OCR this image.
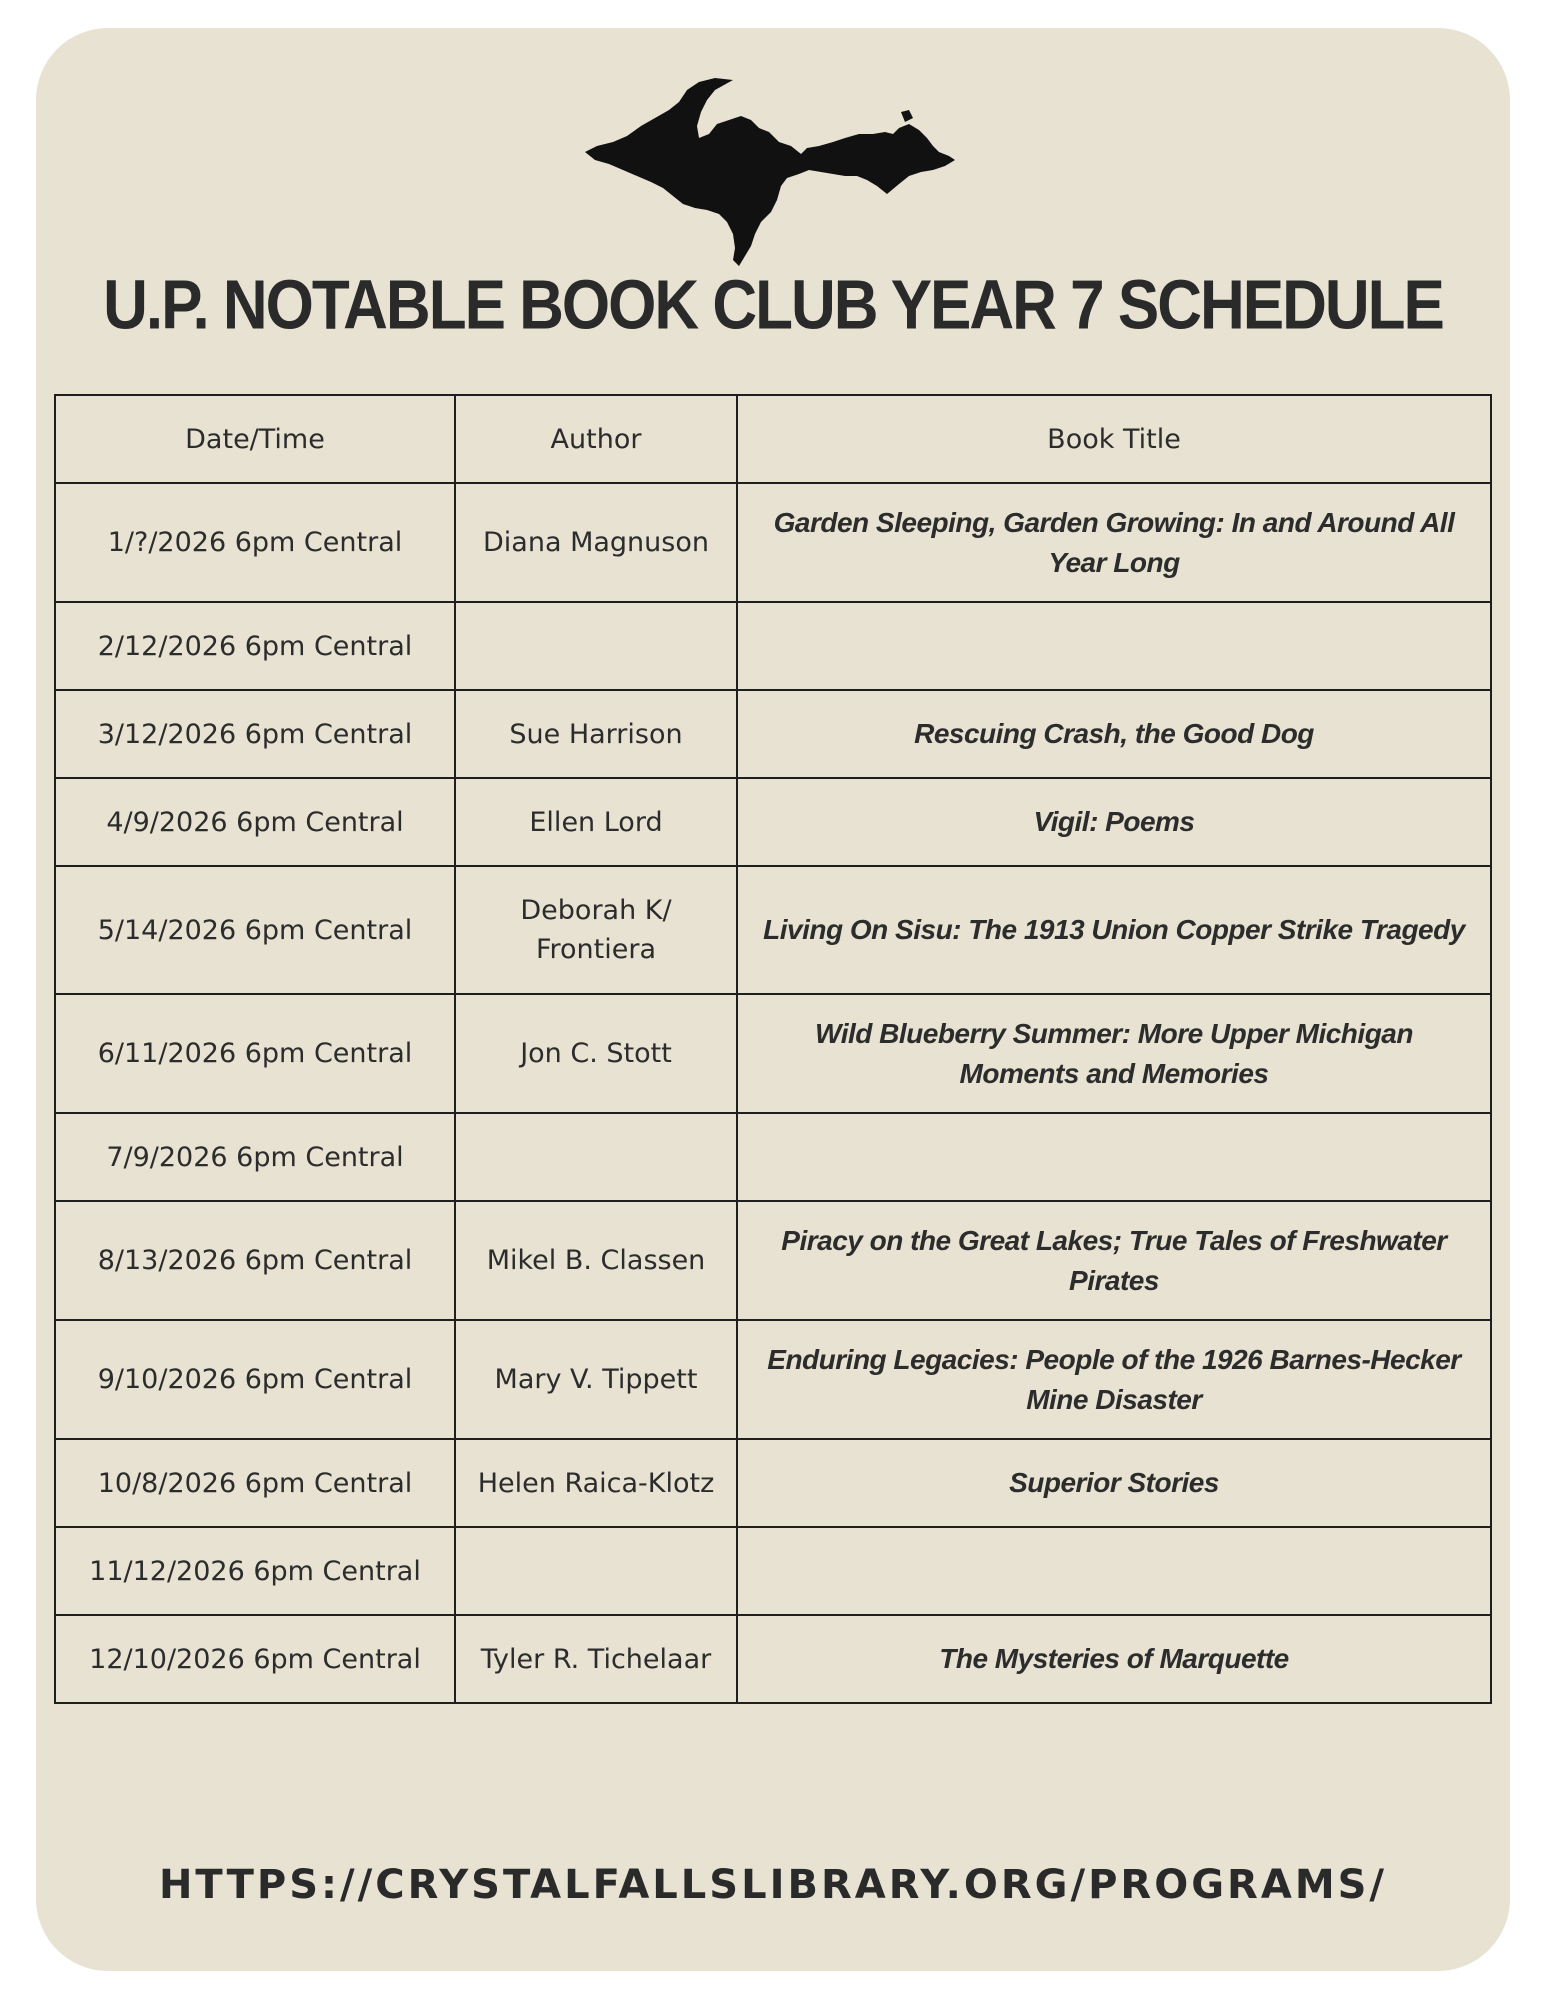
U.P. NOTABLE BOOK CLUB YEAR 7 SCHEDULE
Date/Time	Author	Book Title
1/?/2026 6pm Central	Diana Magnuson	Garden Sleeping, Garden Growing: In and Around All Year Long
2/12/2026 6pm Central		
3/12/2026 6pm Central	Sue Harrison	Rescuing Crash, the Good Dog
4/9/2026 6pm Central	Ellen Lord	Vigil: Poems
5/14/2026 6pm Central	Deborah K/ Frontiera	Living On Sisu: The 1913 Union Copper Strike Tragedy
6/11/2026 6pm Central	Jon C. Stott	Wild Blueberry Summer: More Upper Michigan Moments and Memories
7/9/2026 6pm Central		
8/13/2026 6pm Central	Mikel B. Classen	Piracy on the Great Lakes; True Tales of Freshwater Pirates
9/10/2026 6pm Central	Mary V. Tippett	Enduring Legacies: People of the 1926 Barnes-Hecker Mine Disaster
10/8/2026 6pm Central	Helen Raica-Klotz	Superior Stories
11/12/2026 6pm Central		
12/10/2026 6pm Central	Tyler R. Tichelaar	The Mysteries of Marquette
HTTPS://CRYSTALFALLSLIBRARY.ORG/PROGRAMS/
